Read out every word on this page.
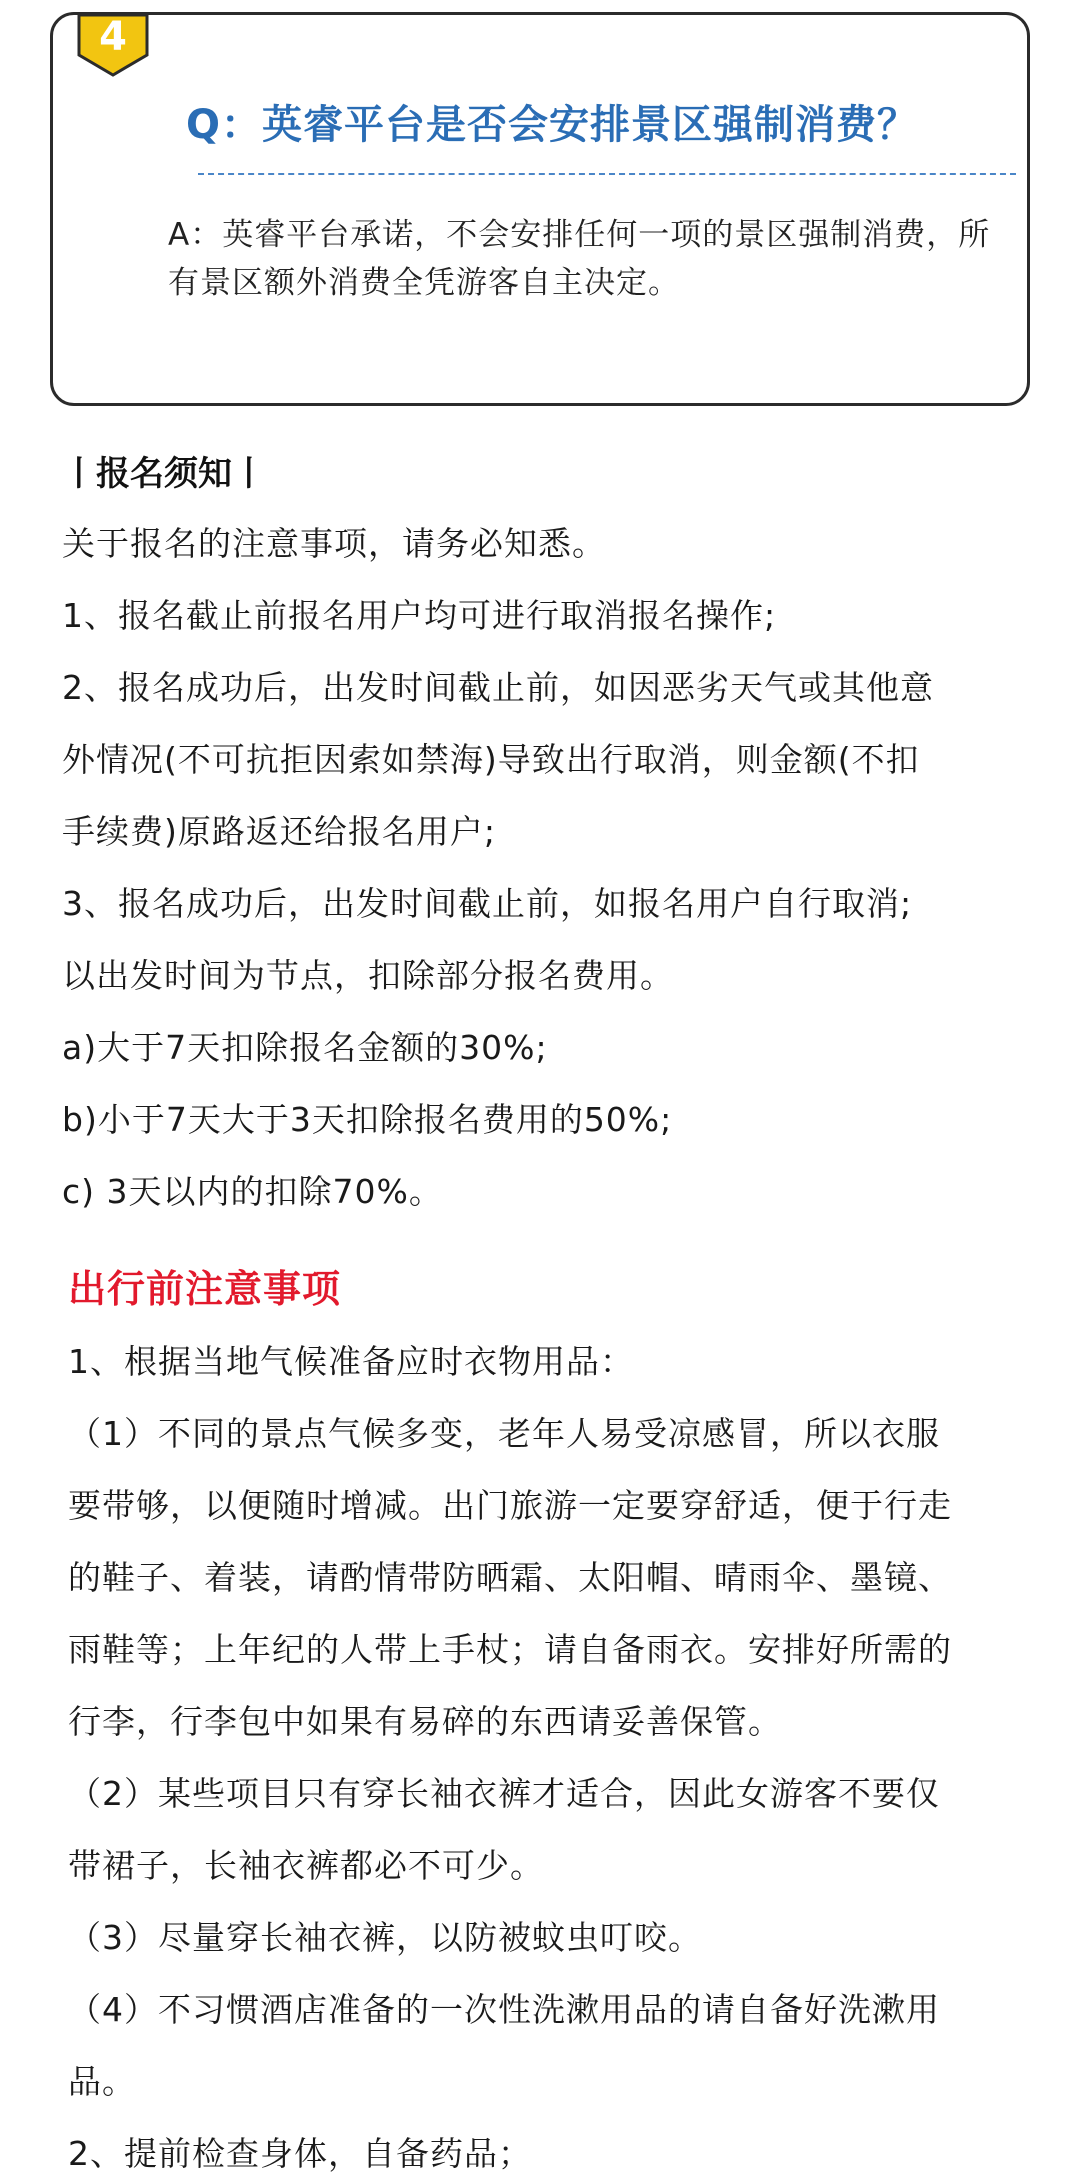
4
Q：英睿平台是否会安排景区强制消费？
A：英睿平台承诺，不会安排任何一项的景区强制消费，所
有景区额外消费全凭游客自主决定。
丨报名须知丨
关于报名的注意事项，请务必知悉。
1、报名截止前报名用户均可进行取消报名操作;
2、报名成功后，出发时间截止前，如因恶劣天气或其他意
外情况(不可抗拒因索如禁海)导致出行取消，则金额(不扣
手续费)原路返还给报名用户;
3、报名成功后，出发时间截止前，如报名用户自行取消;
以出发时间为节点，扣除部分报名费用。
a)大于7天扣除报名金额的30%;
b)小于7天大于3天扣除报名费用的50%;
c) 3天以内的扣除70%。
出行前注意事项
1、根据当地气候准备应时衣物用品：
（1）不同的景点气候多变，老年人易受凉感冒，所以衣服
要带够，以便随时增减。出门旅游一定要穿舒适，便于行走
的鞋子、着装，请酌情带防晒霜、太阳帽、晴雨伞、墨镜、
雨鞋等；上年纪的人带上手杖；请自备雨衣。安排好所需的
行李，行李包中如果有易碎的东西请妥善保管。
（2）某些项目只有穿长袖衣裤才适合，因此女游客不要仅
带裙子，长袖衣裤都必不可少。
（3）尽量穿长袖衣裤，以防被蚊虫叮咬。
（4）不习惯酒店准备的一次性洗漱用品的请自备好洗漱用
品。
2、提前检查身体，自备药品；
